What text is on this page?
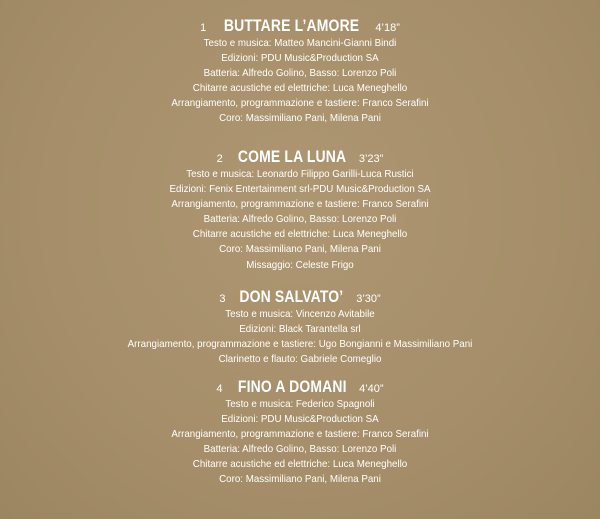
1 BUTTARE L’AMORE 4’18”
Testo e musica: Matteo Mancini-Gianni Bindi
Edizioni: PDU Music&Production SA
Batteria: Alfredo Golino, Basso: Lorenzo Poli
Chitarre acustiche ed elettriche: Luca Meneghello
Arrangiamento, programmazione e tastiere: Franco Serafini
Coro: Massimiliano Pani, Milena Pani
2 COME LA LUNA 3’23”
Testo e musica: Leonardo Filippo Garilli-Luca Rustici
Edizioni: Fenix Entertainment srl-PDU Music&Production SA
Arrangiamento, programmazione e tastiere: Franco Serafini
Batteria: Alfredo Golino, Basso: Lorenzo Poli
Chitarre acustiche ed elettriche: Luca Meneghello
Coro: Massimiliano Pani, Milena Pani
Missaggio: Celeste Frigo
3 DON SALVATO’ 3’30”
Testo e musica: Vincenzo Avitabile
Edizioni: Black Tarantella srl
Arrangiamento, programmazione e tastiere: Ugo Bongianni e Massimiliano Pani
Clarinetto e flauto: Gabriele Comeglio
4 FINO A DOMANI 4’40”
Testo e musica: Federico Spagnoli
Edizioni: PDU Music&Production SA
Arrangiamento, programmazione e tastiere: Franco Serafini
Batteria: Alfredo Golino, Basso: Lorenzo Poli
Chitarre acustiche ed elettriche: Luca Meneghello
Coro: Massimiliano Pani, Milena Pani
